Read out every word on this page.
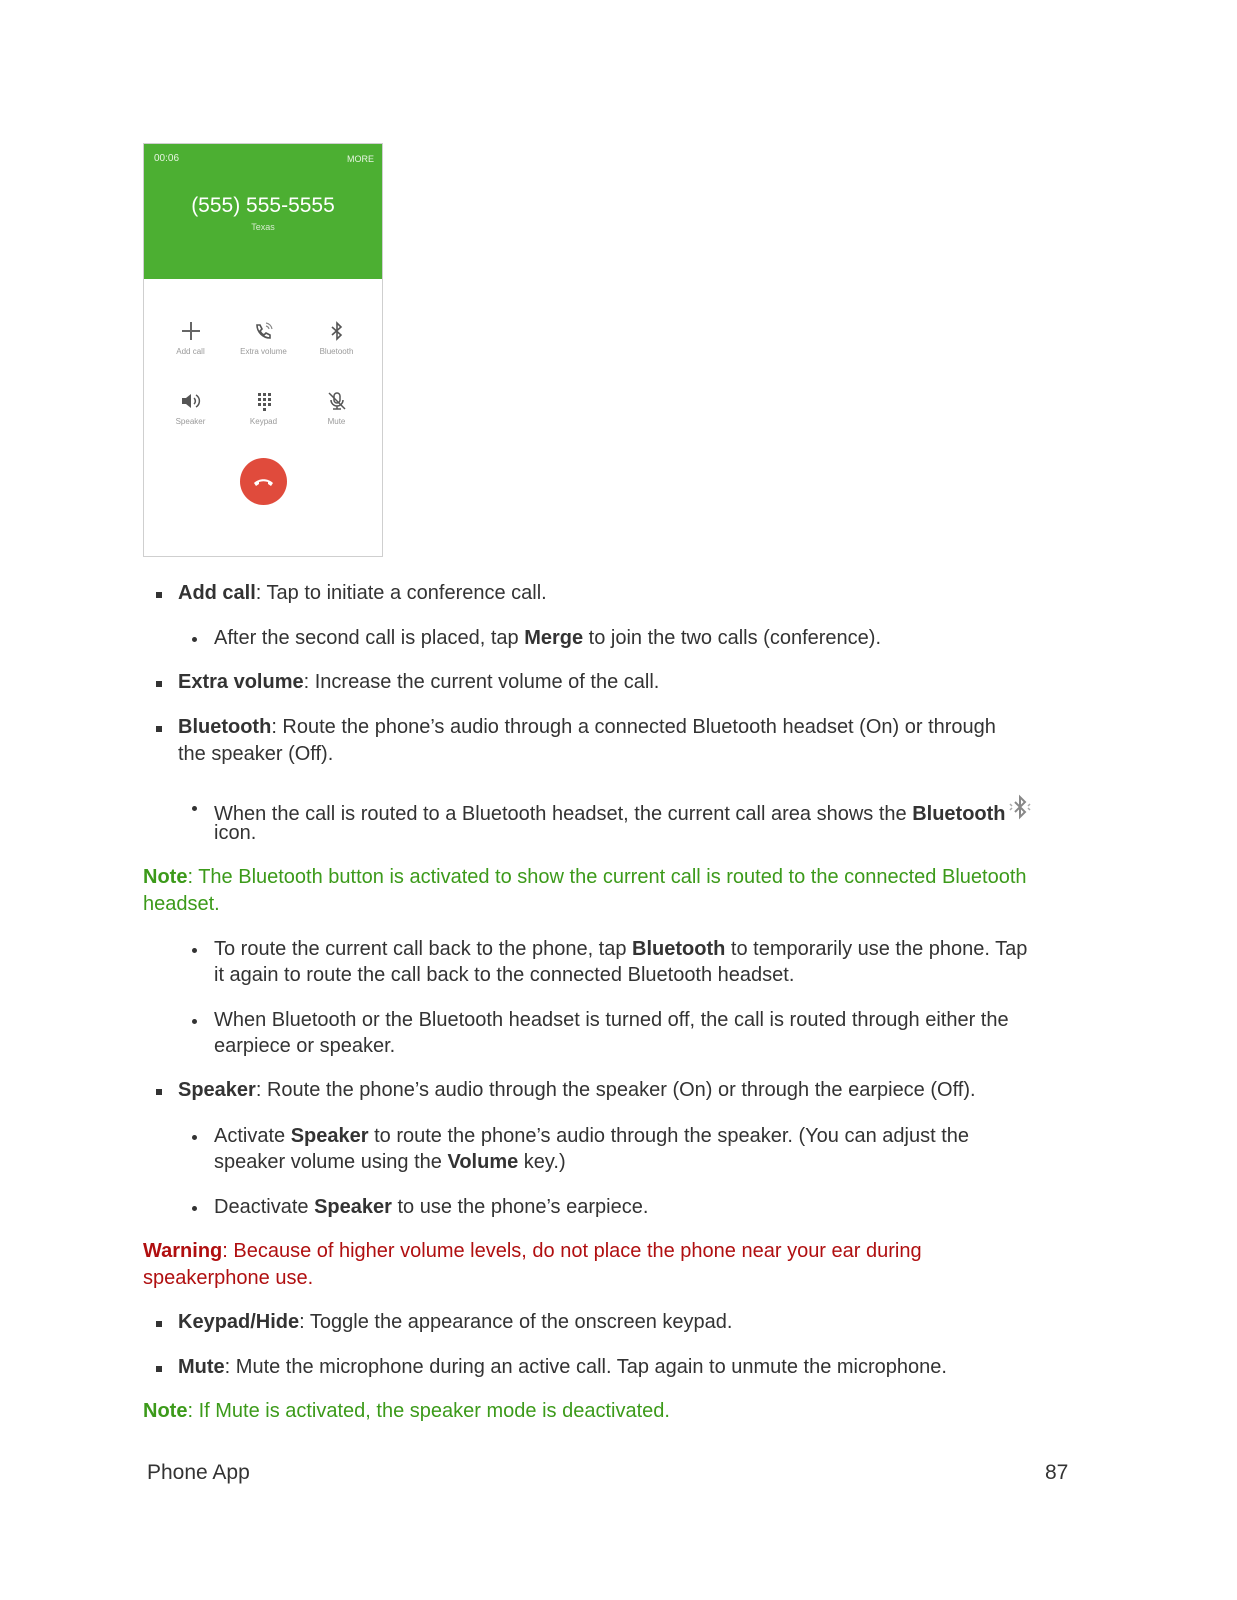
00:06	MORE
(555) 555-5555
Texas
Add call	Extra volume	Bluetooth
Speaker	Keypad	Mute
Add call: Tap to initiate a conference call.
After the second call is placed, tap Merge to join the two calls (conference).
Extra volume: Increase the current volume of the call.
Bluetooth: Route the phone’s audio through a connected Bluetooth headset (On) or through
the speaker (Off).
When the call is routed to a Bluetooth headset, the current call area shows the Bluetooth
icon.
Note: The Bluetooth button is activated to show the current call is routed to the connected Bluetooth
headset.
To route the current call back to the phone, tap Bluetooth to temporarily use the phone. Tap
it again to route the call back to the connected Bluetooth headset.
When Bluetooth or the Bluetooth headset is turned off, the call is routed through either the
earpiece or speaker.
Speaker: Route the phone’s audio through the speaker (On) or through the earpiece (Off).
Activate Speaker to route the phone’s audio through the speaker. (You can adjust the
speaker volume using the Volume key.)
Deactivate Speaker to use the phone’s earpiece.
Warning: Because of higher volume levels, do not place the phone near your ear during
speakerphone use.
Keypad/Hide: Toggle the appearance of the onscreen keypad.
Mute: Mute the microphone during an active call. Tap again to unmute the microphone.
Note: If Mute is activated, the speaker mode is deactivated.
Phone App	87
